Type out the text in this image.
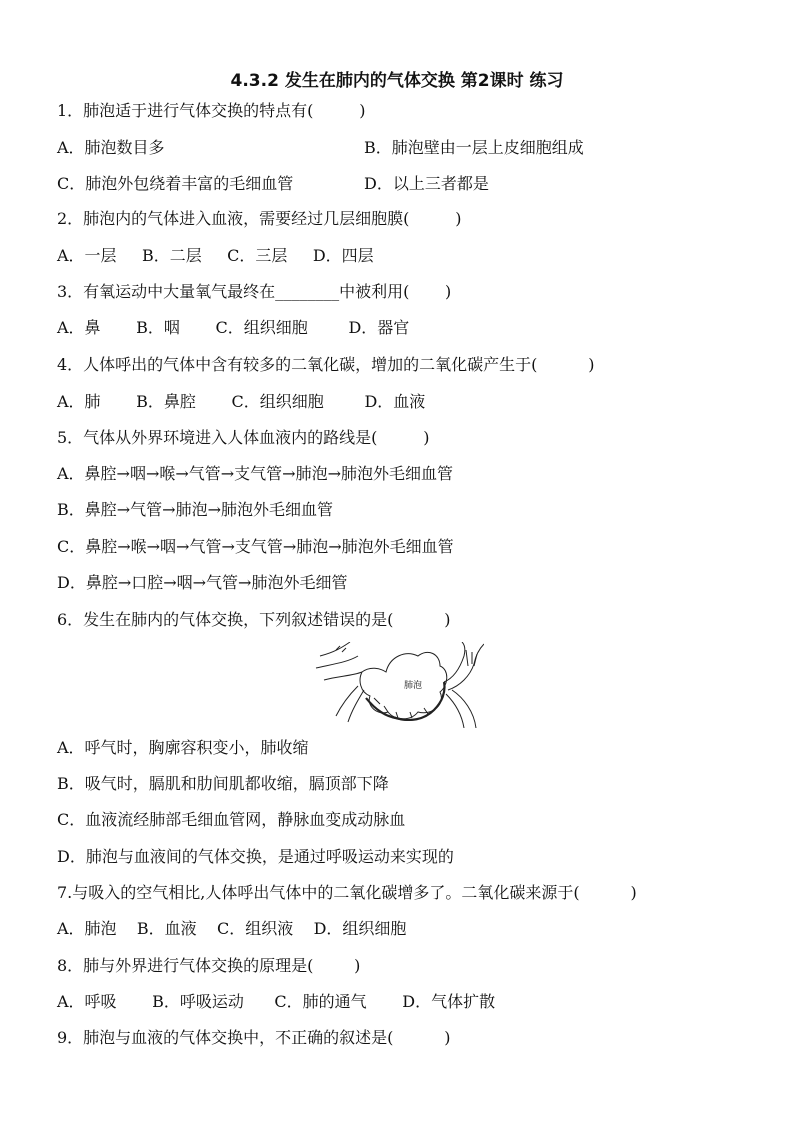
4.3.2 发生在肺内的气体交换 第2课时 练习
1．肺泡适于进行气体交换的特点有(         )
A．肺泡数目多	B．肺泡壁由一层上皮细胞组成
C．肺泡外包绕着丰富的毛细血管	D．以上三者都是
2．肺泡内的气体进入血液，需要经过几层细胞膜(         )
A．一层     B．二层     C．三层     D．四层
3．有氧运动中大量氧气最终在________中被利用(       )
A．鼻       B．咽       C．组织细胞        D．器官
4．人体呼出的气体中含有较多的二氧化碳，增加的二氧化碳产生于(          )
A．肺       B．鼻腔       C．组织细胞        D．血液
5．气体从外界环境进入人体血液内的路线是(         )
A．鼻腔→咽→喉→气管→支气管→肺泡→肺泡外毛细血管
B．鼻腔→气管→肺泡→肺泡外毛细血管
C．鼻腔→喉→咽→气管→支气管→肺泡→肺泡外毛细血管
D．鼻腔→口腔→咽→气管→肺泡外毛细管
6．发生在肺内的气体交换，下列叙述错误的是(          )
肺泡
A．呼气时，胸廓容积变小，肺收缩
B．吸气时，膈肌和肋间肌都收缩，膈顶部下降
C．血液流经肺部毛细血管网，静脉血变成动脉血
D．肺泡与血液间的气体交换，是通过呼吸运动来实现的
7.与吸入的空气相比,人体呼出气体中的二氧化碳增多了。二氧化碳来源于(          )
A．肺泡    B．血液    C．组织液    D．组织细胞
8．肺与外界进行气体交换的原理是(        )
A．呼吸       B．呼吸运动      C．肺的通气       D．气体扩散
9．肺泡与血液的气体交换中，不正确的叙述是(          )
